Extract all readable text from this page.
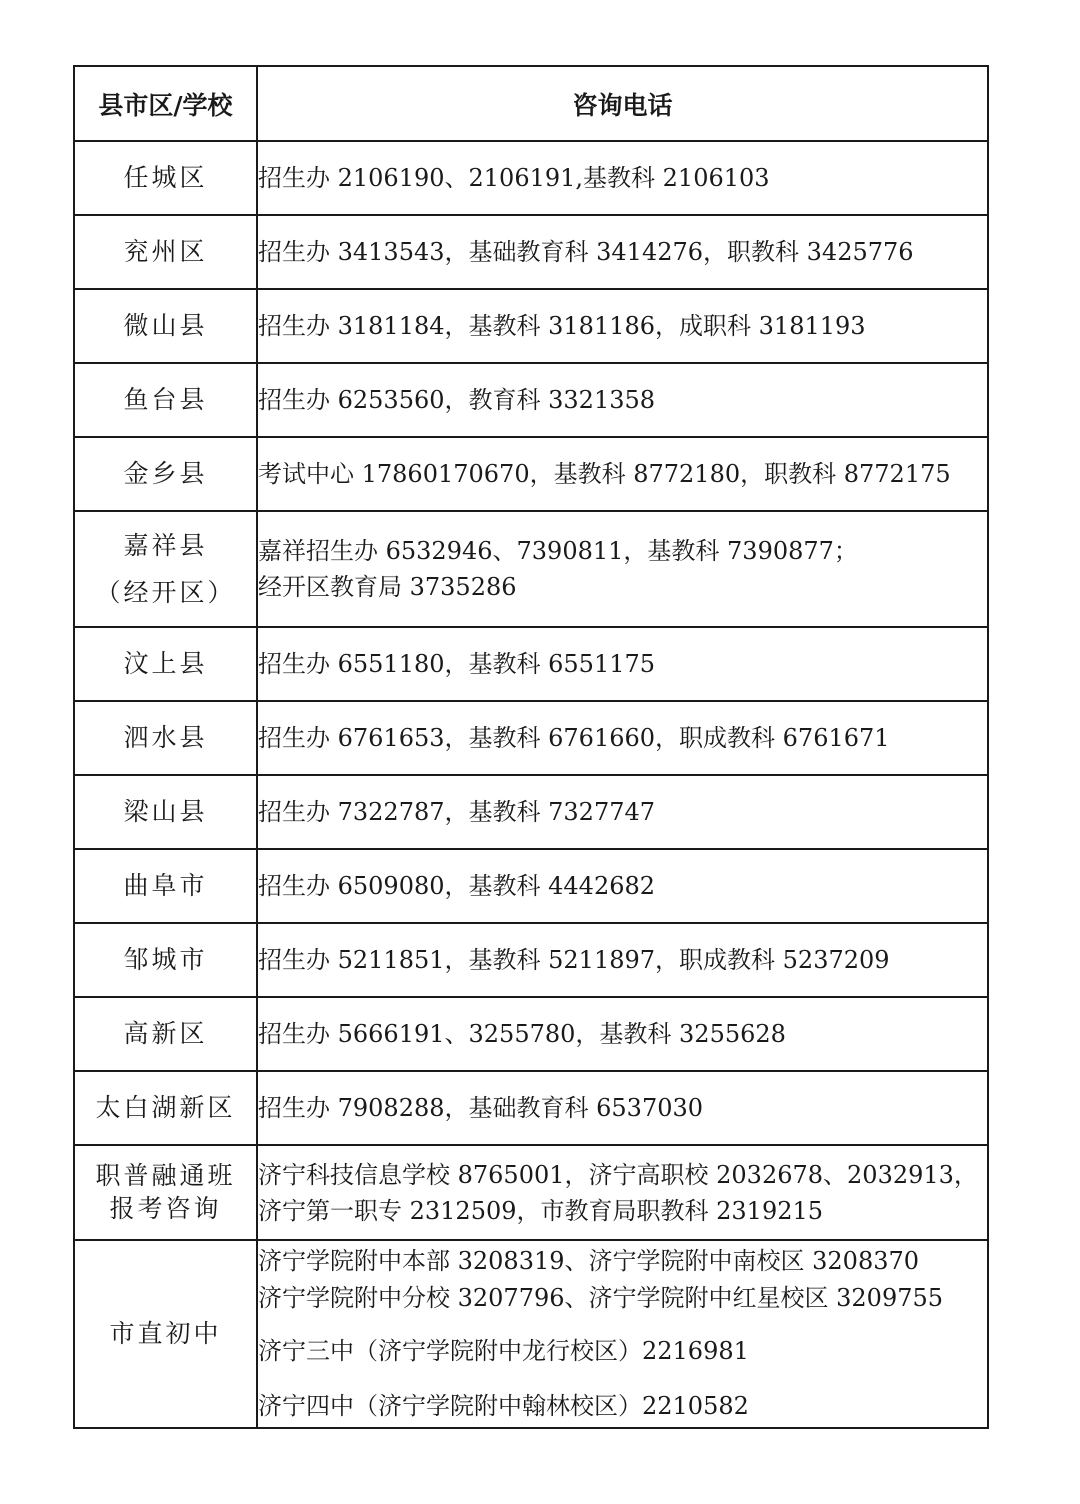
县市区/学校	咨询电话
任城区	招生办 2106190、2106191,基教科 2106103
兖州区	招生办 3413543，基础教育科 3414276，职教科 3425776
微山县	招生办 3181184，基教科 3181186，成职科 3181193
鱼台县	招生办 6253560，教育科 3321358
金乡县	考试中心 17860170670，基教科 8772180，职教科 8772175

嘉祥县
（经开区）	嘉祥招生办 6532946、7390811，基教科 7390877；
经开区教育局 3735286

汶上县	招生办 6551180，基教科 6551175
泗水县	招生办 6761653，基教科 6761660，职成教科 6761671
梁山县	招生办 7322787，基教科 7327747
曲阜市	招生办 6509080，基教科 4442682
邹城市	招生办 5211851，基教科 5211897，职成教科 5237209
高新区	招生办 5666191、3255780，基教科 3255628
太白湖新区	招生办 7908288，基础教育科 6537030

职普融通班
报考咨询	济宁科技信息学校 8765001，济宁高职校 2032678、2032913，
济宁第一职专 2312509，市教育局职教科 2319215

市直初中	济宁学院附中本部 3208319、济宁学院附中南校区 3208370
济宁学院附中分校 3207796、济宁学院附中红星校区 3209755
济宁三中（济宁学院附中龙行校区）2216981
济宁四中（济宁学院附中翰林校区）2210582
